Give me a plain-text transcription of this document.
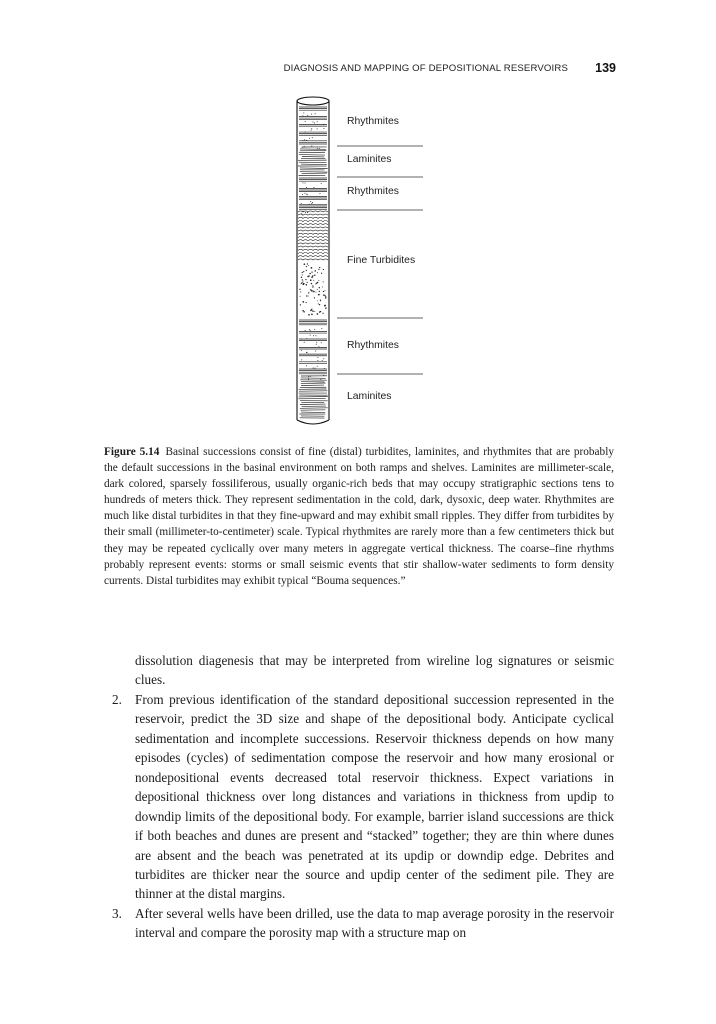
DIAGNOSIS AND MAPPING OF DEPOSITIONAL RESERVOIRS 139
Rhythmites
Laminites
Rhythmites
Fine Turbidites
Rhythmites
Laminites

Figure 5.14 Basinal successions consist of fine (distal) turbidites, laminites, and rhythmites that are probably the default successions in the basinal environment on both ramps and shelves. Laminites are millimeter-scale, dark colored, sparsely fossiliferous, usually organic-rich beds that may occupy stratigraphic sections tens to hundreds of meters thick. They represent sedimentation in the cold, dark, dysoxic, deep water. Rhythmites are much like distal turbidites in that they fine-upward and may exhibit small ripples. They differ from turbidites by their small (millimeter-to-centimeter) scale. Typical rhythmites are rarely more than a few centimeters thick but they may be repeated cyclically over many meters in aggregate vertical thickness. The coarse–fine rhythms probably represent events: storms or small seismic events that stir shallow-water sediments to form density currents. Distal turbidites may exhibit typical “Bouma sequences.”

dissolution diagenesis that may be interpreted from wireline log signatures or seismic clues.

2. From previous identification of the standard depositional succession represented in the reservoir, predict the 3D size and shape of the depositional body. Anticipate cyclical sedimentation and incomplete successions. Reservoir thickness depends on how many episodes (cycles) of sedimentation compose the reservoir and how many erosional or nondepositional events decreased total reservoir thickness. Expect variations in depositional thickness over long distances and variations in thickness from updip to downdip limits of the depositional body. For example, barrier island successions are thick if both beaches and dunes are present and “stacked” together; they are thin where dunes are absent and the beach was penetrated at its updip or downdip edge. Debrites and turbidites are thicker near the source and updip center of the sediment pile. They are thinner at the distal margins.
3. After several wells have been drilled, use the data to map average porosity in the reservoir interval and compare the porosity map with a structure map on
